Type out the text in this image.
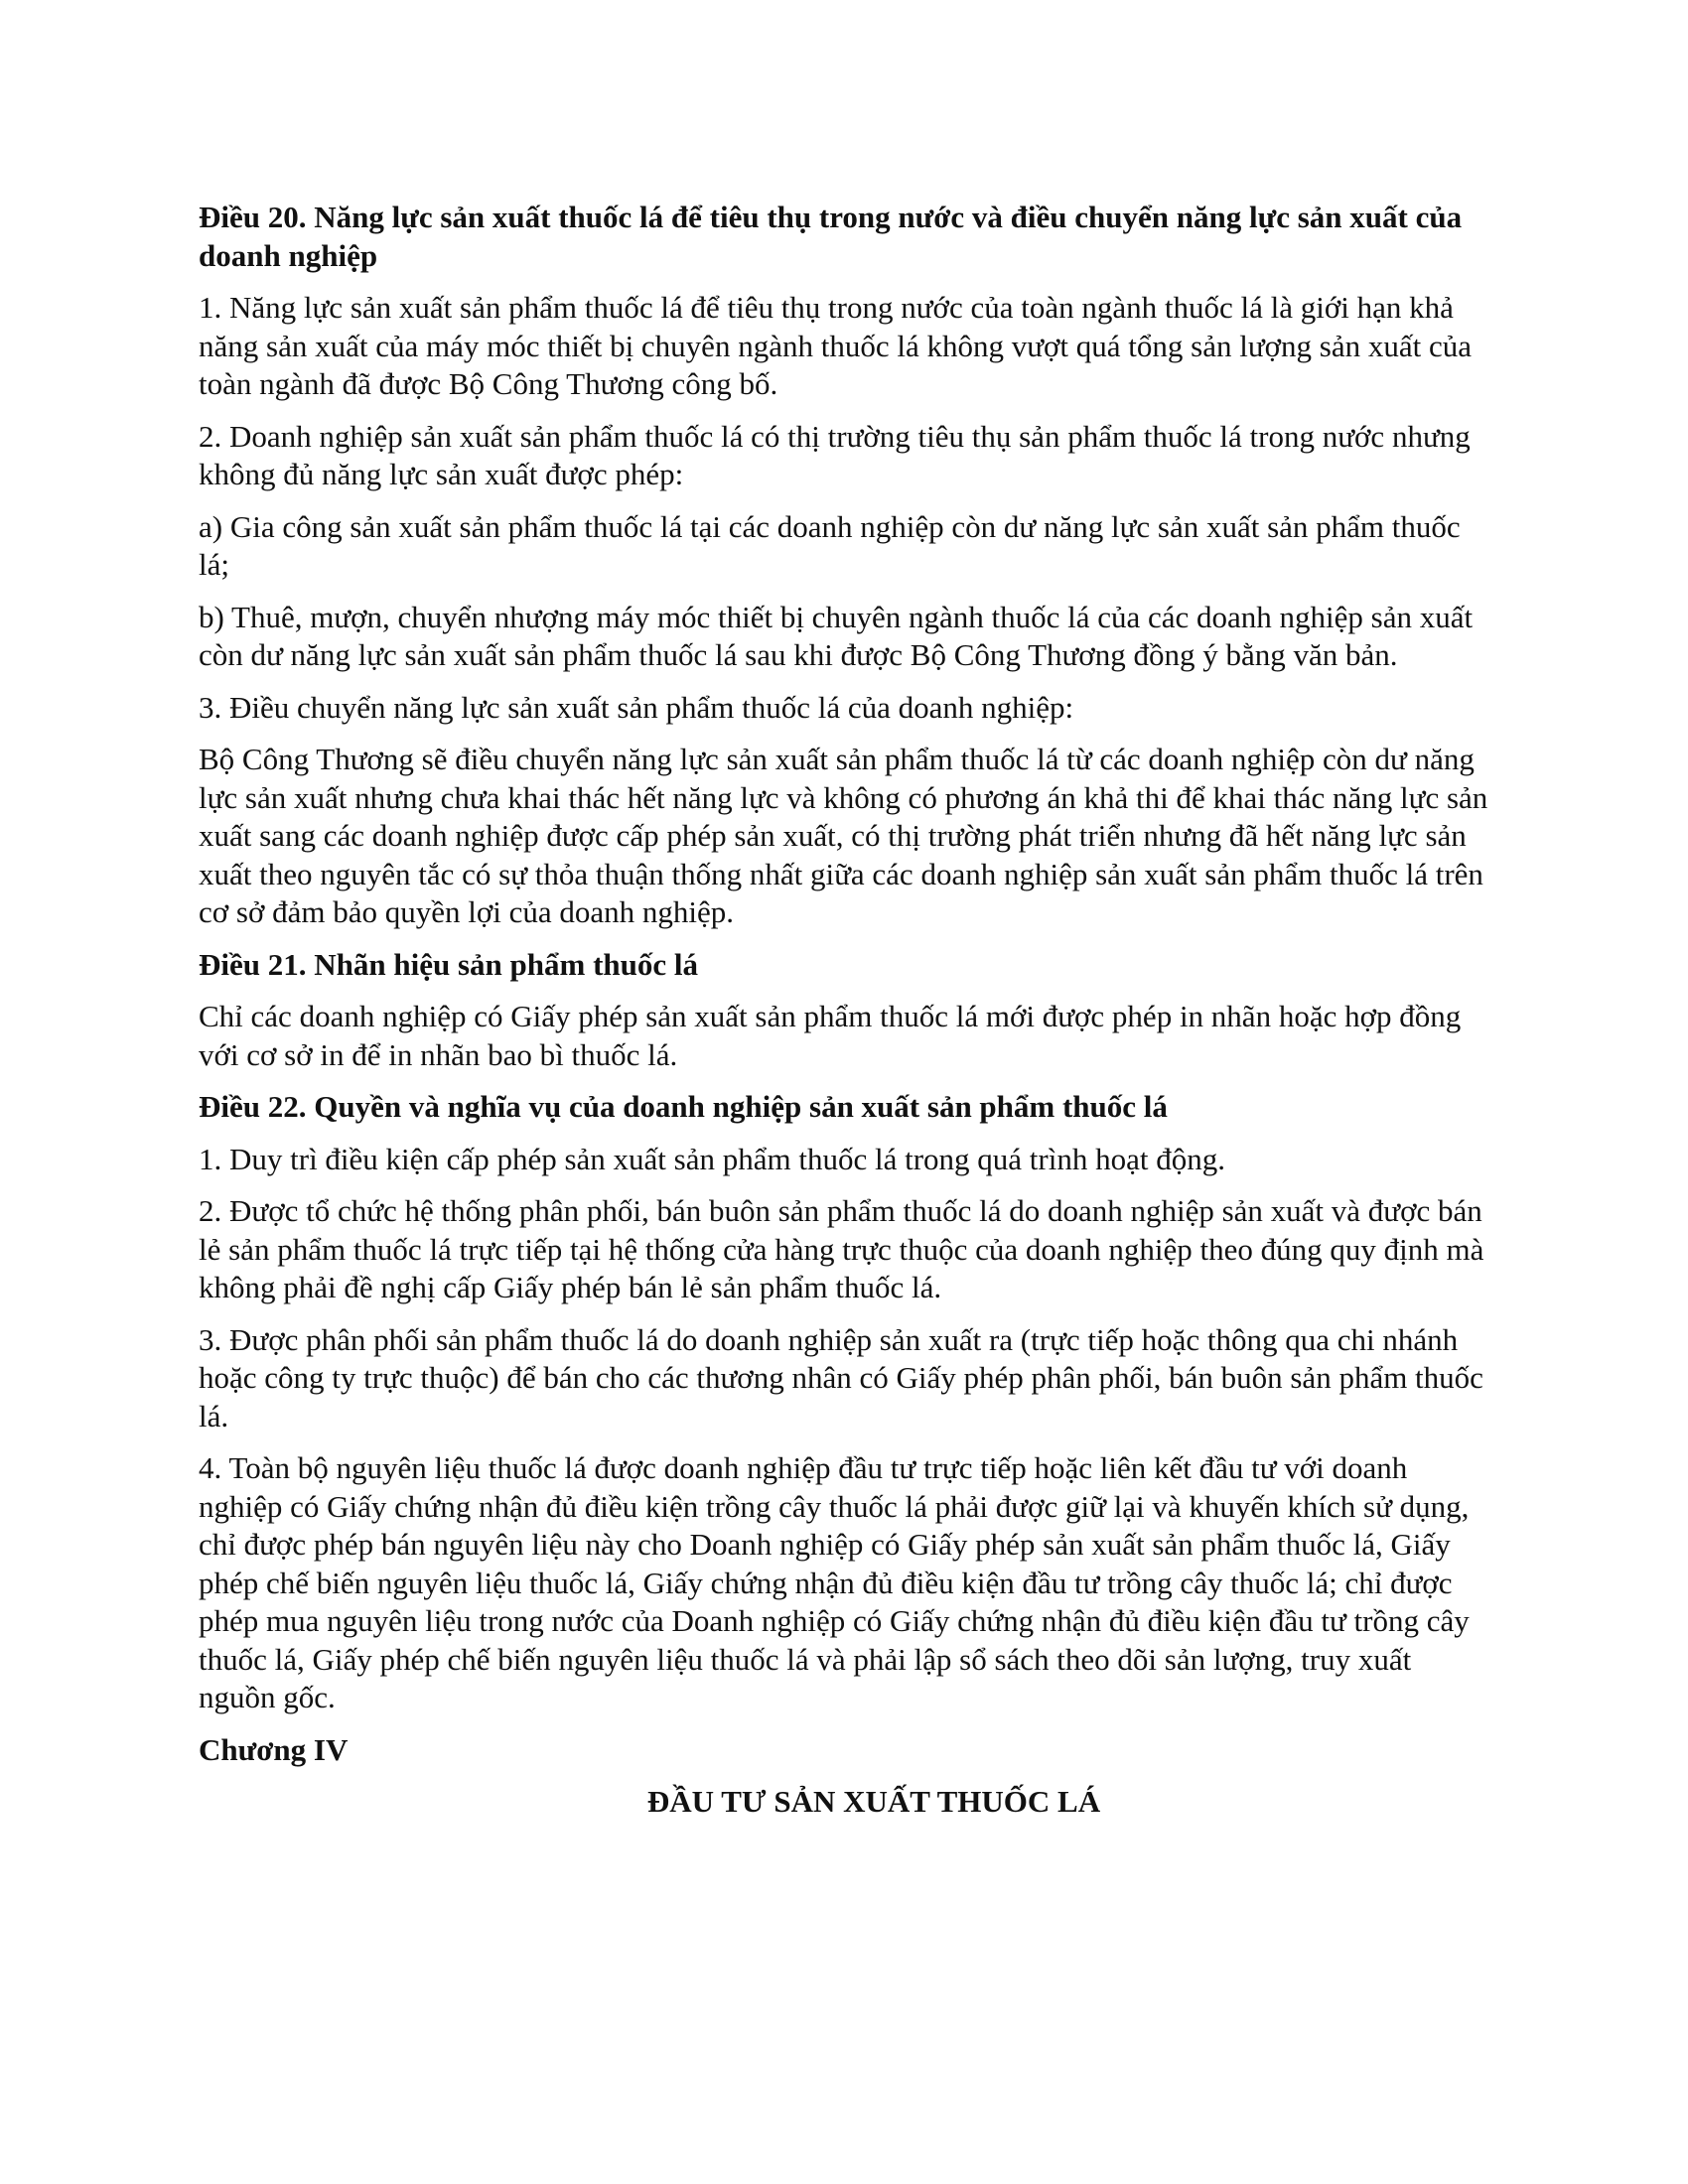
Điều 20. Năng lực sản xuất thuốc lá để tiêu thụ trong nước và điều chuyển năng lực sản xuất của doanh nghiệp

1. Năng lực sản xuất sản phẩm thuốc lá để tiêu thụ trong nước của toàn ngành thuốc lá là giới hạn khả năng sản xuất của máy móc thiết bị chuyên ngành thuốc lá không vượt quá tổng sản lượng sản xuất của toàn ngành đã được Bộ Công Thương công bố.

2. Doanh nghiệp sản xuất sản phẩm thuốc lá có thị trường tiêu thụ sản phẩm thuốc lá trong nước nhưng không đủ năng lực sản xuất được phép:

a) Gia công sản xuất sản phẩm thuốc lá tại các doanh nghiệp còn dư năng lực sản xuất sản phẩm thuốc lá;

b) Thuê, mượn, chuyển nhượng máy móc thiết bị chuyên ngành thuốc lá của các doanh nghiệp sản xuất còn dư năng lực sản xuất sản phẩm thuốc lá sau khi được Bộ Công Thương đồng ý bằng văn bản.

3. Điều chuyển năng lực sản xuất sản phẩm thuốc lá của doanh nghiệp:

Bộ Công Thương sẽ điều chuyển năng lực sản xuất sản phẩm thuốc lá từ các doanh nghiệp còn dư năng lực sản xuất nhưng chưa khai thác hết năng lực và không có phương án khả thi để khai thác năng lực sản xuất sang các doanh nghiệp được cấp phép sản xuất, có thị trường phát triển nhưng đã hết năng lực sản xuất theo nguyên tắc có sự thỏa thuận thống nhất giữa các doanh nghiệp sản xuất sản phẩm thuốc lá trên cơ sở đảm bảo quyền lợi của doanh nghiệp.

Điều 21. Nhãn hiệu sản phẩm thuốc lá

Chỉ các doanh nghiệp có Giấy phép sản xuất sản phẩm thuốc lá mới được phép in nhãn hoặc hợp đồng với cơ sở in để in nhãn bao bì thuốc lá.

Điều 22. Quyền và nghĩa vụ của doanh nghiệp sản xuất sản phẩm thuốc lá

1. Duy trì điều kiện cấp phép sản xuất sản phẩm thuốc lá trong quá trình hoạt động.

2. Được tổ chức hệ thống phân phối, bán buôn sản phẩm thuốc lá do doanh nghiệp sản xuất và được bán lẻ sản phẩm thuốc lá trực tiếp tại hệ thống cửa hàng trực thuộc của doanh nghiệp theo đúng quy định mà không phải đề nghị cấp Giấy phép bán lẻ sản phẩm thuốc lá.

3. Được phân phối sản phẩm thuốc lá do doanh nghiệp sản xuất ra (trực tiếp hoặc thông qua chi nhánh hoặc công ty trực thuộc) để bán cho các thương nhân có Giấy phép phân phối, bán buôn sản phẩm thuốc lá.

4. Toàn bộ nguyên liệu thuốc lá được doanh nghiệp đầu tư trực tiếp hoặc liên kết đầu tư với doanh nghiệp có Giấy chứng nhận đủ điều kiện trồng cây thuốc lá phải được giữ lại và khuyến khích sử dụng, chỉ được phép bán nguyên liệu này cho Doanh nghiệp có Giấy phép sản xuất sản phẩm thuốc lá, Giấy phép chế biến nguyên liệu thuốc lá, Giấy chứng nhận đủ điều kiện đầu tư trồng cây thuốc lá; chỉ được phép mua nguyên liệu trong nước của Doanh nghiệp có Giấy chứng nhận đủ điều kiện đầu tư trồng cây thuốc lá, Giấy phép chế biến nguyên liệu thuốc lá và phải lập sổ sách theo dõi sản lượng, truy xuất nguồn gốc.

Chương IV

ĐẦU TƯ SẢN XUẤT THUỐC LÁ
